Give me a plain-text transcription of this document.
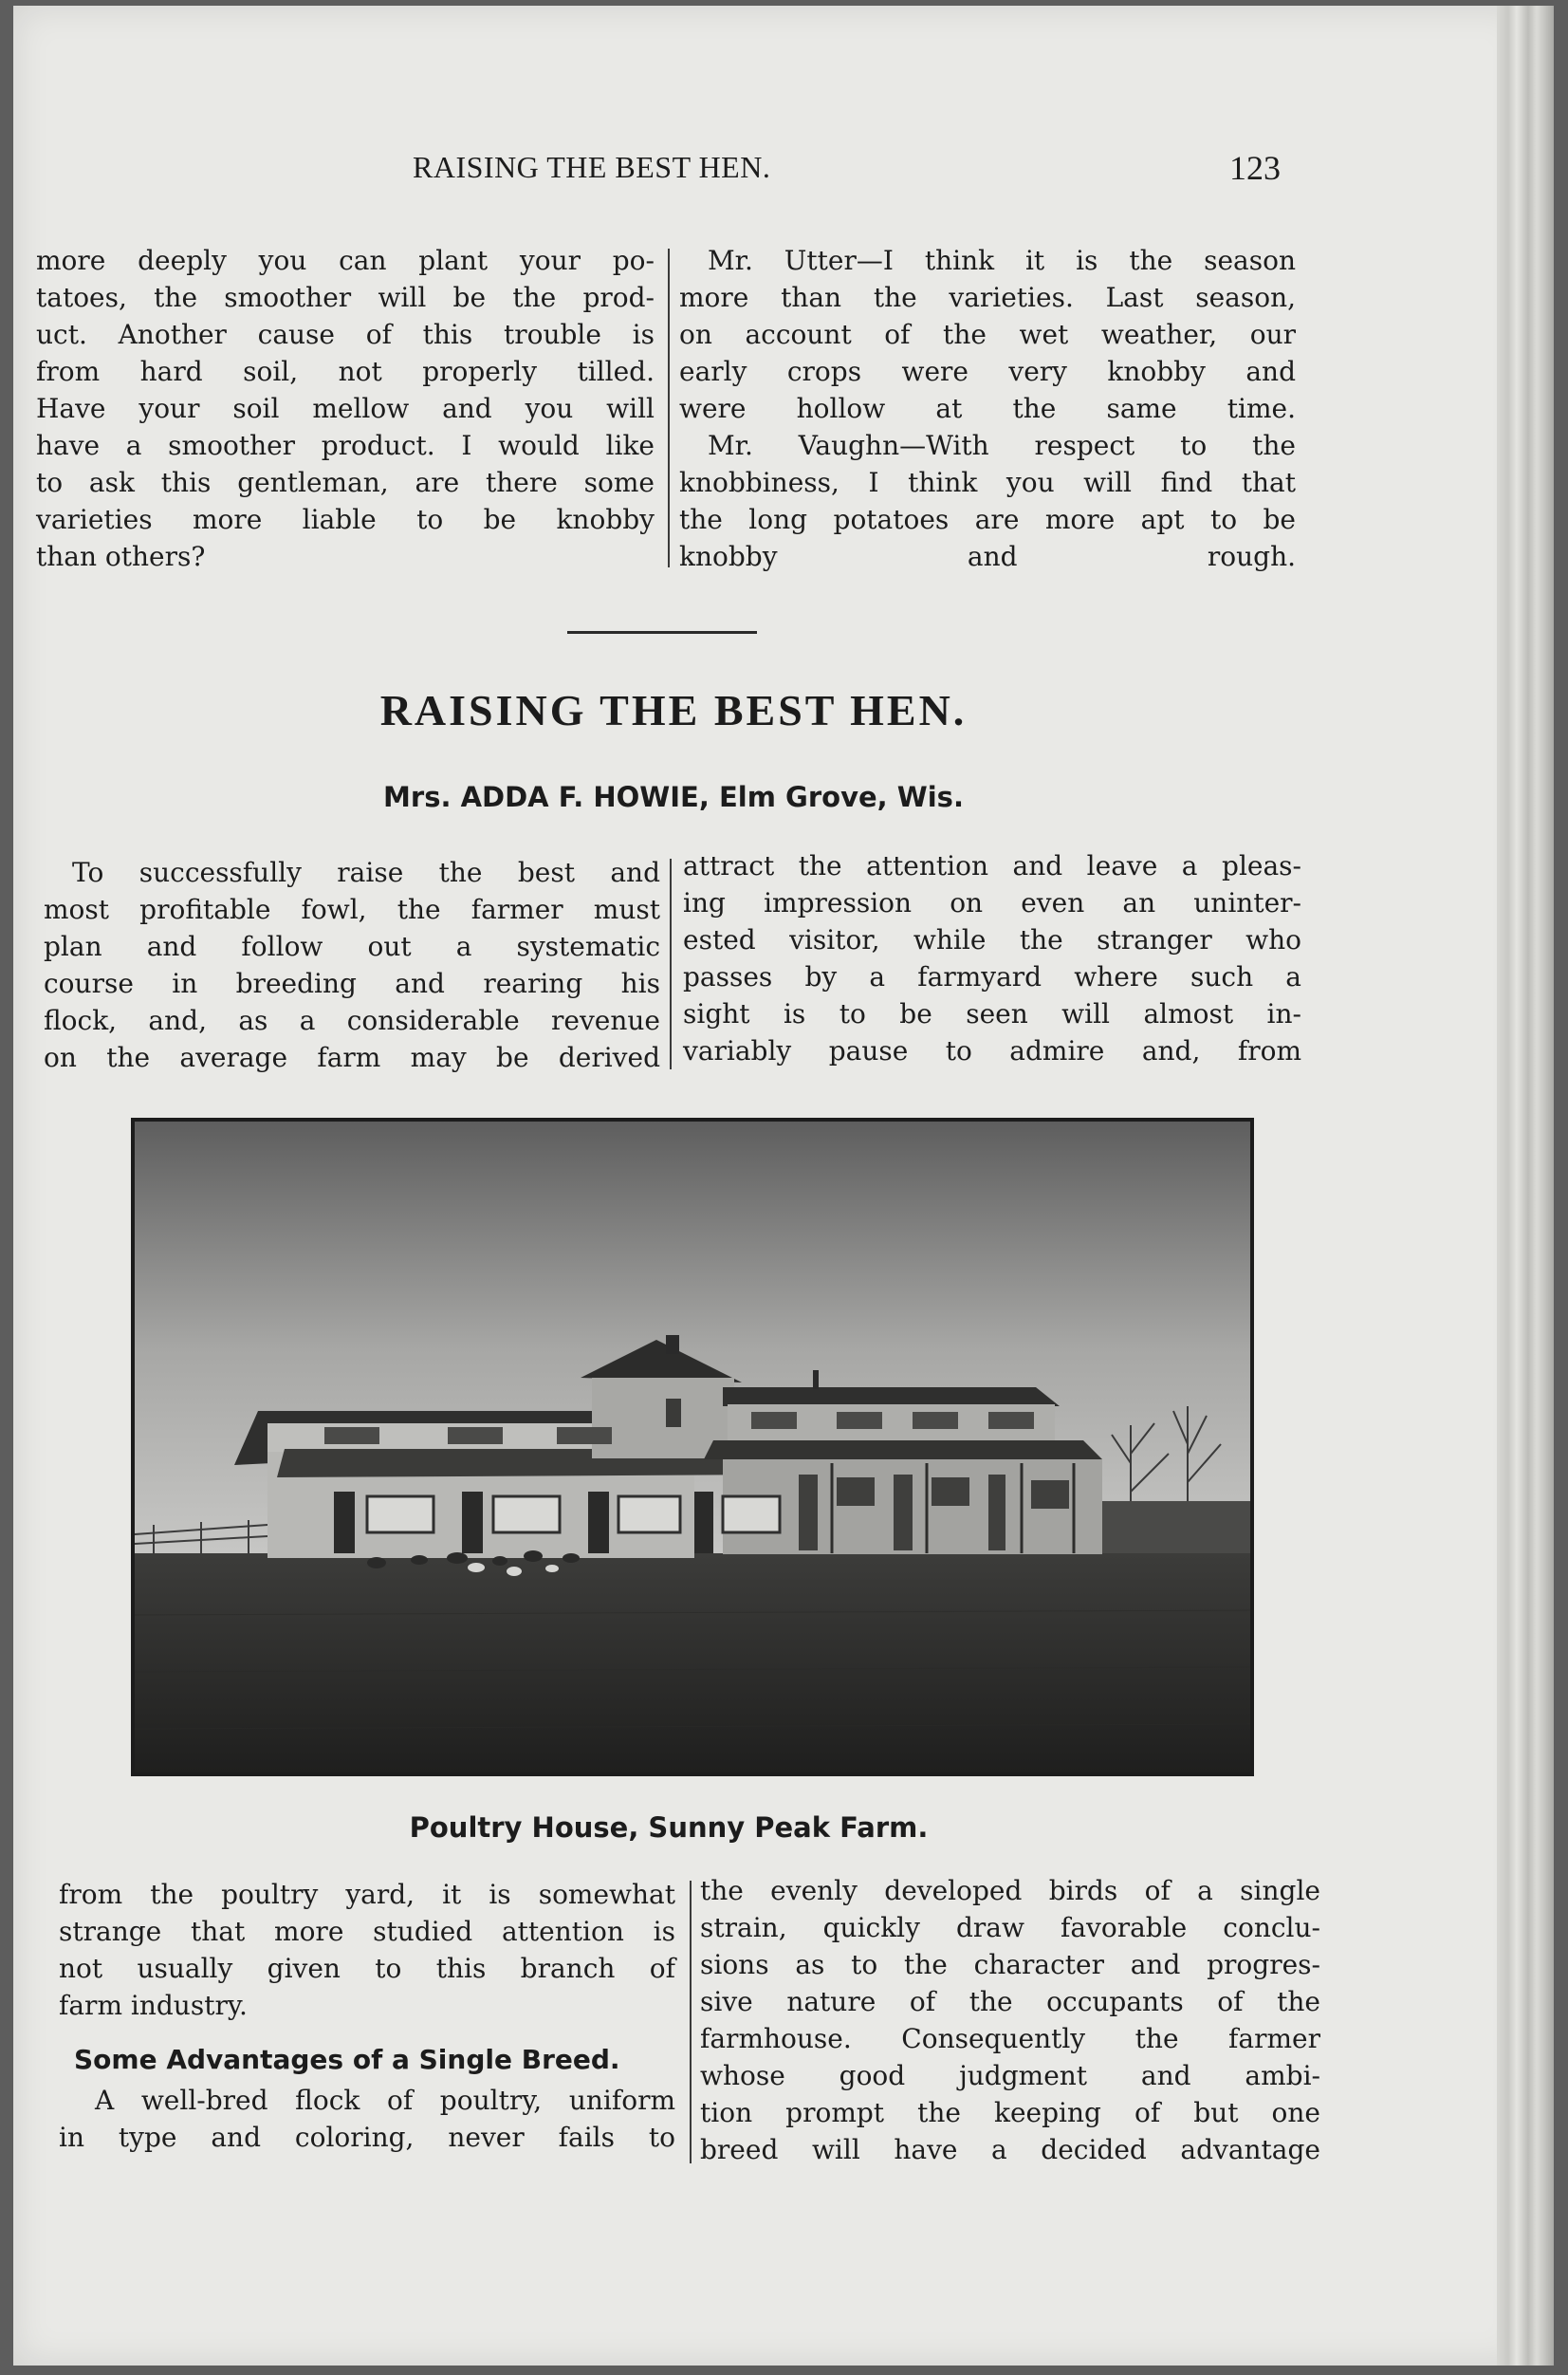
RAISING THE BEST HEN.	123

more deeply you can plant your po-
tatoes, the smoother will be the prod-
uct. Another cause of this trouble is
from hard soil, not properly tilled.
Have your soil mellow and you will
have a smoother product. I would like
to ask this gentleman, are there some
varieties more liable to be knobby
than others?

Mr. Utter—I think it is the season
more than the varieties. Last season,
on account of the wet weather, our
early crops were very knobby and
were hollow at the same time.

Mr. Vaughn—With respect to the
knobbiness, I think you will find that
the long potatoes are more apt to be
knobby and rough.

RAISING THE BEST HEN.
Mrs. ADDA F. HOWIE, Elm Grove, Wis.

To successfully raise the best and
most profitable fowl, the farmer must
plan and follow out a systematic
course in breeding and rearing his
flock, and, as a considerable revenue
on the average farm may be derived

attract the attention and leave a pleas-
ing impression on even an uninter-
ested visitor, while the stranger who
passes by a farmyard where such a
sight is to be seen will almost in-
variably pause to admire and, from

Poultry House, Sunny Peak Farm.

from the poultry yard, it is somewhat
strange that more studied attention is
not usually given to this branch of
farm industry.

Some Advantages of a Single Breed.

A well-bred flock of poultry, uniform
in type and coloring, never fails to

the evenly developed birds of a single
strain, quickly draw favorable conclu-
sions as to the character and progres-
sive nature of the occupants of the
farmhouse. Consequently the farmer
whose good judgment and ambi-
tion prompt the keeping of but one
breed will have a decided advantage
